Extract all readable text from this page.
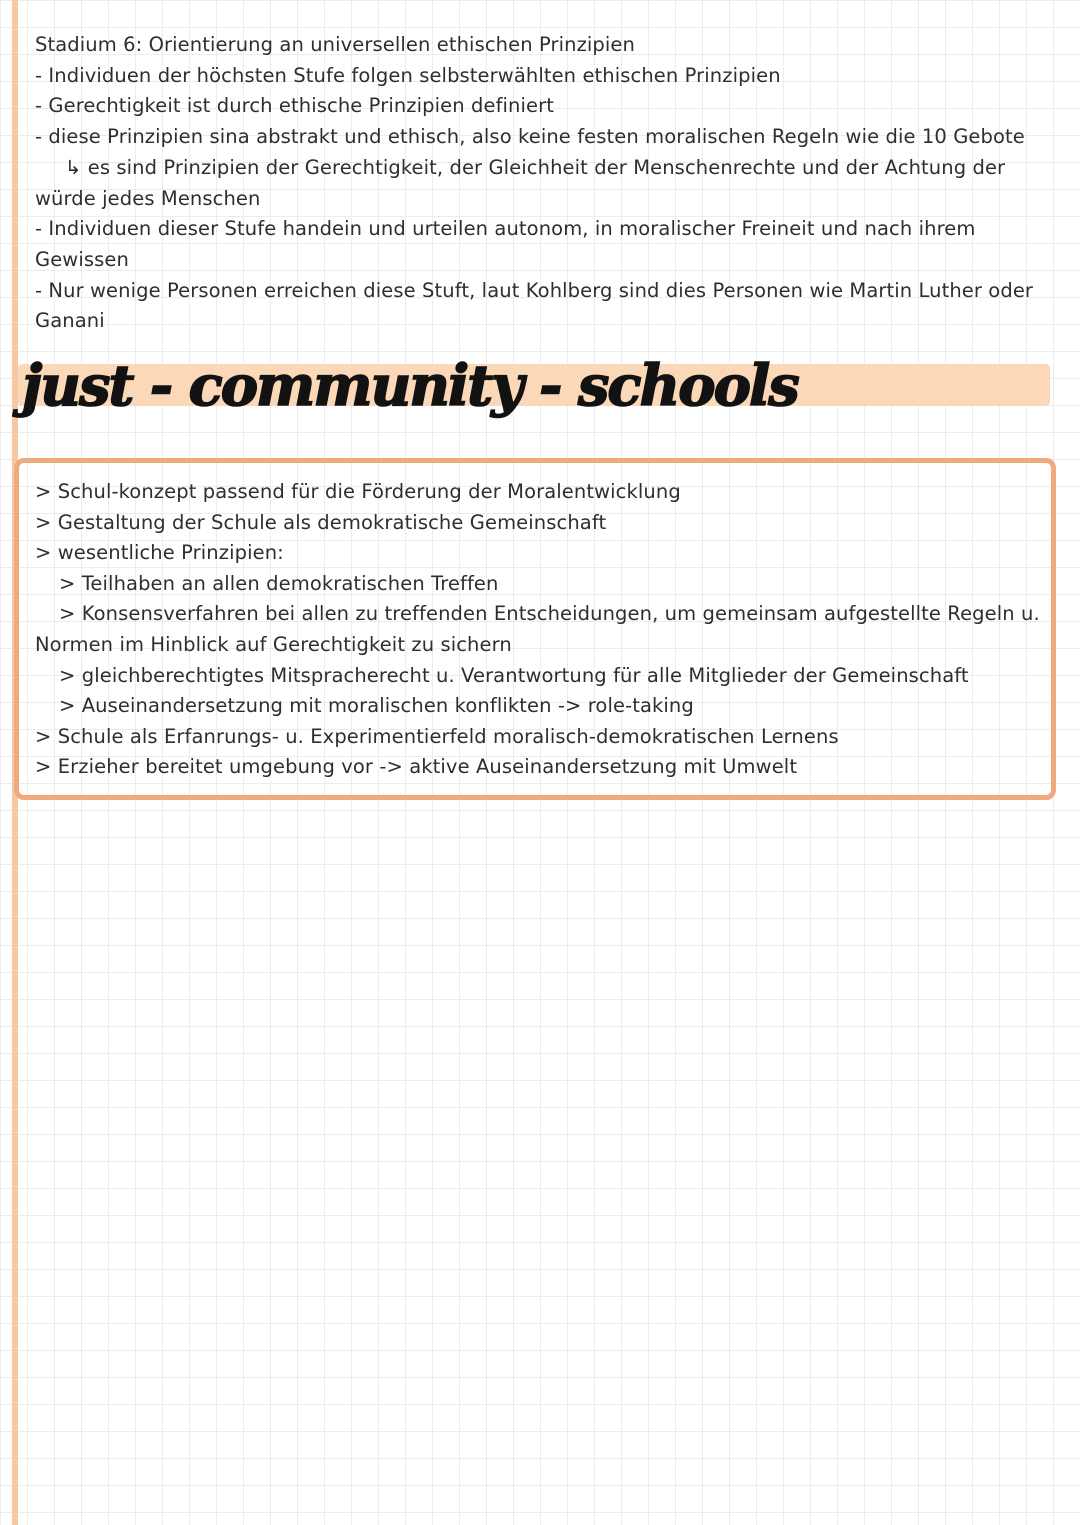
Stadium 6: Orientierung an universellen ethischen Prinzipien
- Individuen der höchsten Stufe folgen selbsterwählten ethischen Prinzipien
- Gerechtigkeit ist durch ethische Prinzipien definiert
- diese Prinzipien sina abstrakt und ethisch, also keine festen moralischen Regeln wie die 10 Gebote
↳ es sind Prinzipien der Gerechtigkeit, der Gleichheit der Menschenrechte und der Achtung der
würde jedes Menschen
- Individuen dieser Stufe handein und urteilen autonom, in moralischer Freineit und nach ihrem
Gewissen
- Nur wenige Personen erreichen diese Stuft, laut Kohlberg sind dies Personen wie Martin Luther oder
Ganani
just - community - schools
> Schul-konzept passend für die Förderung der Moralentwicklung
> Gestaltung der Schule als demokratische Gemeinschaft
> wesentliche Prinzipien:
> Teilhaben an allen demokratischen Treffen
> Konsensverfahren bei allen zu treffenden Entscheidungen, um gemeinsam aufgestellte Regeln u.
Normen im Hinblick auf Gerechtigkeit zu sichern
> gleichberechtigtes Mitspracherecht u. Verantwortung für alle Mitglieder der Gemeinschaft
> Auseinandersetzung mit moralischen konflikten -> role-taking
> Schule als Erfanrungs- u. Experimentierfeld moralisch-demokratischen Lernens
> Erzieher bereitet umgebung vor -> aktive Auseinandersetzung mit Umwelt
